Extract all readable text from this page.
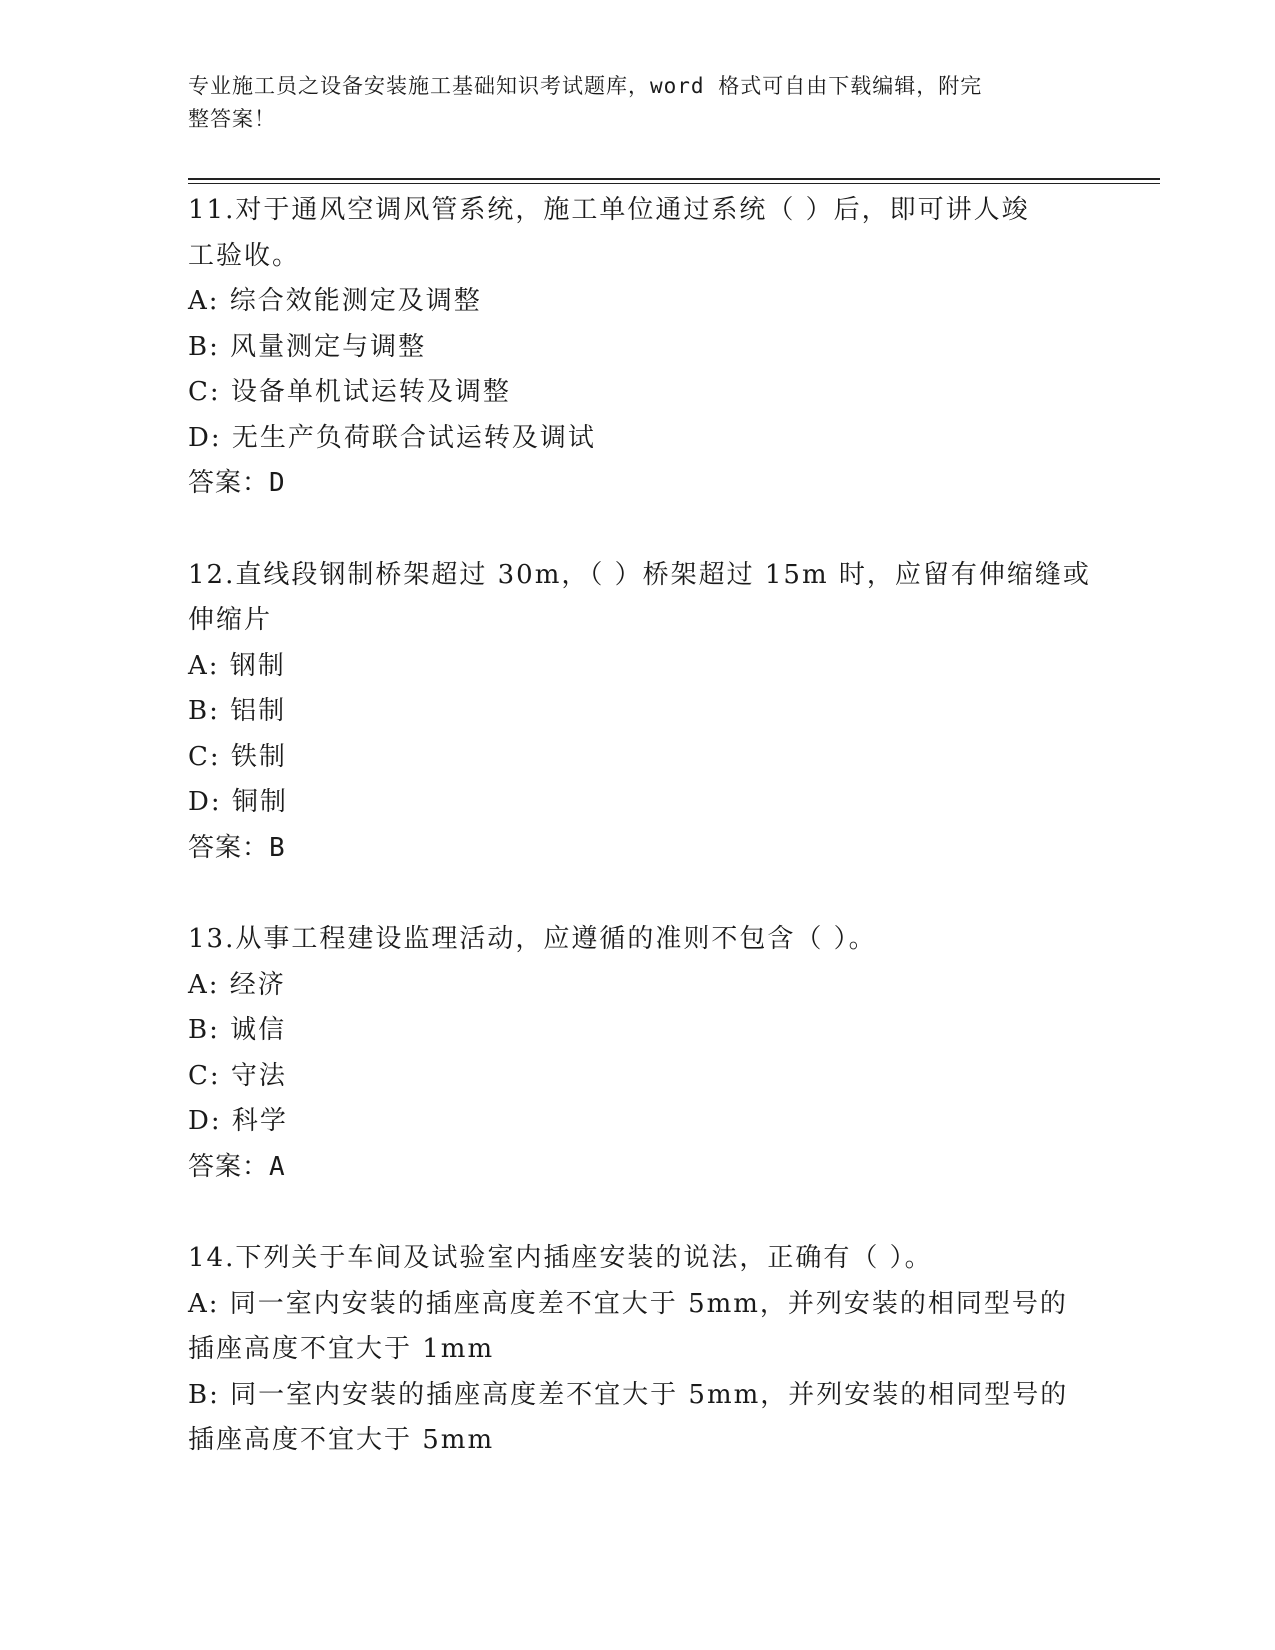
专业施工员之设备安装施工基础知识考试题库，word 格式可自由下载编辑，附完
整答案！
11.对于通风空调风管系统，施工单位通过系统（ ）后，即可讲人竣
工验收。
A: 综合效能测定及调整
B: 风量测定与调整
C: 设备单机试运转及调整
D: 无生产负荷联合试运转及调试
答案：D
12.直线段钢制桥架超过 30m，（ ）桥架超过 15m 时，应留有伸缩缝或
伸缩片
A: 钢制
B: 铝制
C: 铁制
D: 铜制
答案：B
13.从事工程建设监理活动，应遵循的准则不包含（ ）。
A: 经济
B: 诚信
C: 守法
D: 科学
答案：A
14.下列关于车间及试验室内插座安装的说法，正确有（ ）。
A: 同一室内安装的插座高度差不宜大于 5mm，并列安装的相同型号的
插座高度不宜大于 1mm
B: 同一室内安装的插座高度差不宜大于 5mm，并列安装的相同型号的
插座高度不宜大于 5mm
